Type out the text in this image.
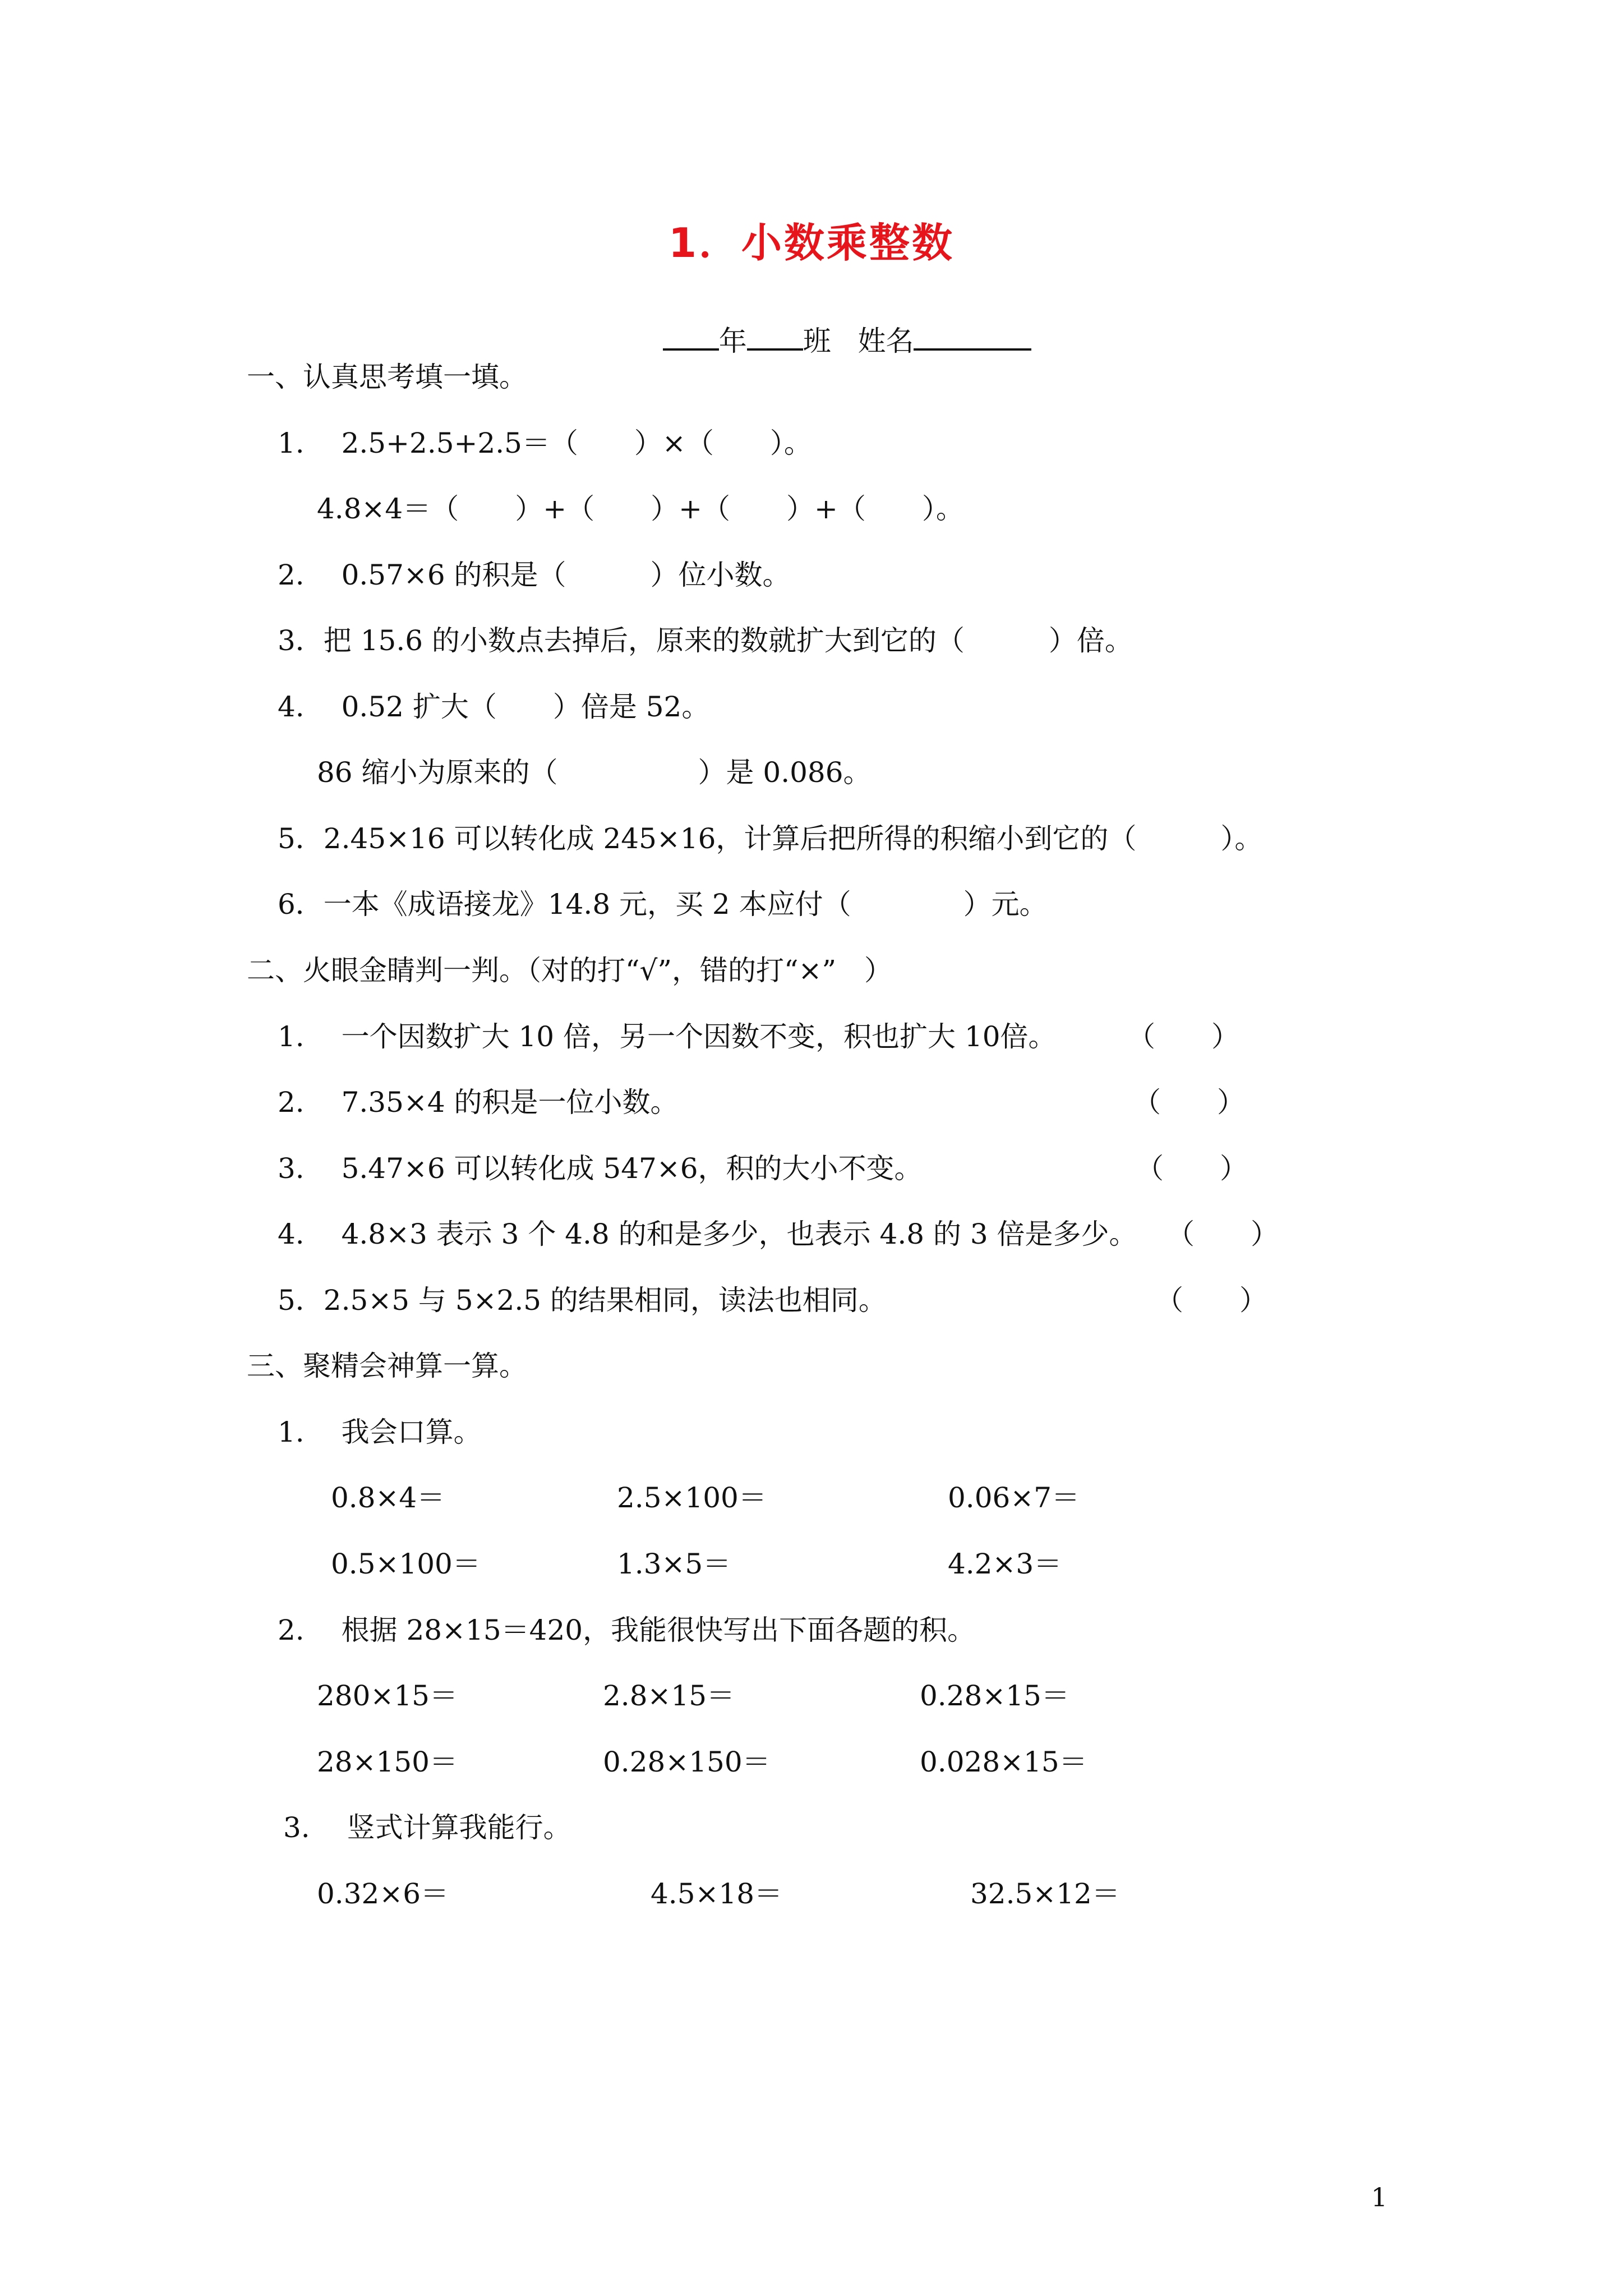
1．小数乘整数

年 班 姓名

一、认真思考填一填。
1.　 2.5+2.5+2.5＝（　　）×（　　）。
4.8×4＝（　　）+（　　）+（　　）+（　　）。
2.　 0.57×6 的积是（　　　）位小数。
3．把 15.6 的小数点去掉后，原来的数就扩大到它的（　　　）倍。
4.　 0.52 扩大（　　）倍是 52。
86 缩小为原来的（　　　　　）是 0.086。
5．2.45×16 可以转化成 245×16，计算后把所得的积缩小到它的（　　　）。
6．一本《成语接龙》14.8 元，买 2 本应付（　　　　）元。
二、火眼金睛判一判。（对的打“√”，错的打“×”　）
1.　 一个因数扩大 10 倍，另一个因数不变，积也扩大 10倍。	（　　）
2.　 7.35×4 的积是一位小数。	（　　）
3.　 5.47×6 可以转化成 547×6，积的大小不变。	（　　）
4.　 4.8×3 表示 3 个 4.8 的和是多少，也表示 4.8 的 3 倍是多少。 （　　）
5．2.5×5 与 5×2.5 的结果相同，读法也相同。	（　　）
三、聚精会神算一算。
1.　 我会口算。
0.8×4＝	2.5×100＝	0.06×7＝
0.5×100＝	1.3×5＝	4.2×3＝
2.　 根据 28×15＝420，我能很快写出下面各题的积。
280×15＝	2.8×15＝	0.28×15＝
28×150＝	0.28×150＝	0.028×15＝
3.　 竖式计算我能行。
0.32×6＝	4.5×18＝	32.5×12＝
1
